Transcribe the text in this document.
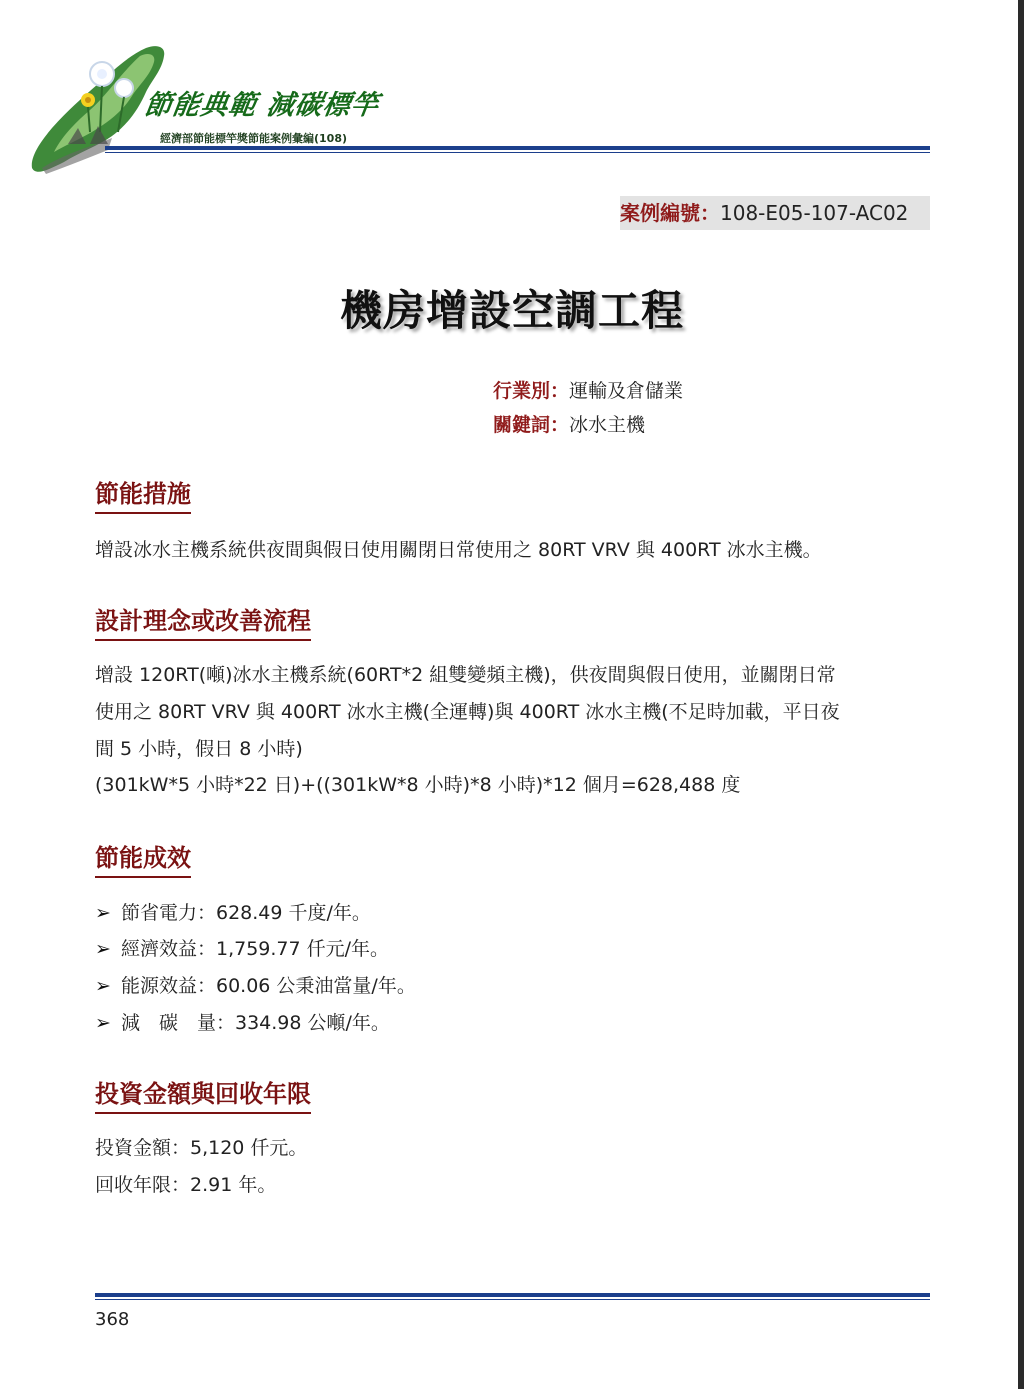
節能典範 減碳標竿
經濟部節能標竿獎節能案例彙編(108)
案例編號：108-E05-107-AC02
機房增設空調工程
行業別：運輸及倉儲業
關鍵詞：冰水主機
節能措施
增設冰水主機系統供夜間與假日使用關閉日常使用之 80RT VRV 與 400RT 冰水主機。
設計理念或改善流程
增設 120RT(噸)冰水主機系統(60RT*2 組雙變頻主機)，供夜間與假日使用，並關閉日常
使用之 80RT VRV 與 400RT 冰水主機(全運轉)與 400RT 冰水主機(不足時加載，平日夜
間 5 小時，假日 8 小時)
(301kW*5 小時*22 日)+((301kW*8 小時)*8 小時)*12 個月=628,488 度
節能成效
➢ 節省電力：628.49 千度/年。
➢ 經濟效益：1,759.77 仟元/年。
➢ 能源效益：60.06 公秉油當量/年。
➢ 減　碳　量：334.98 公噸/年。
投資金額與回收年限
投資金額：5,120 仟元。
回收年限：2.91 年。
368
